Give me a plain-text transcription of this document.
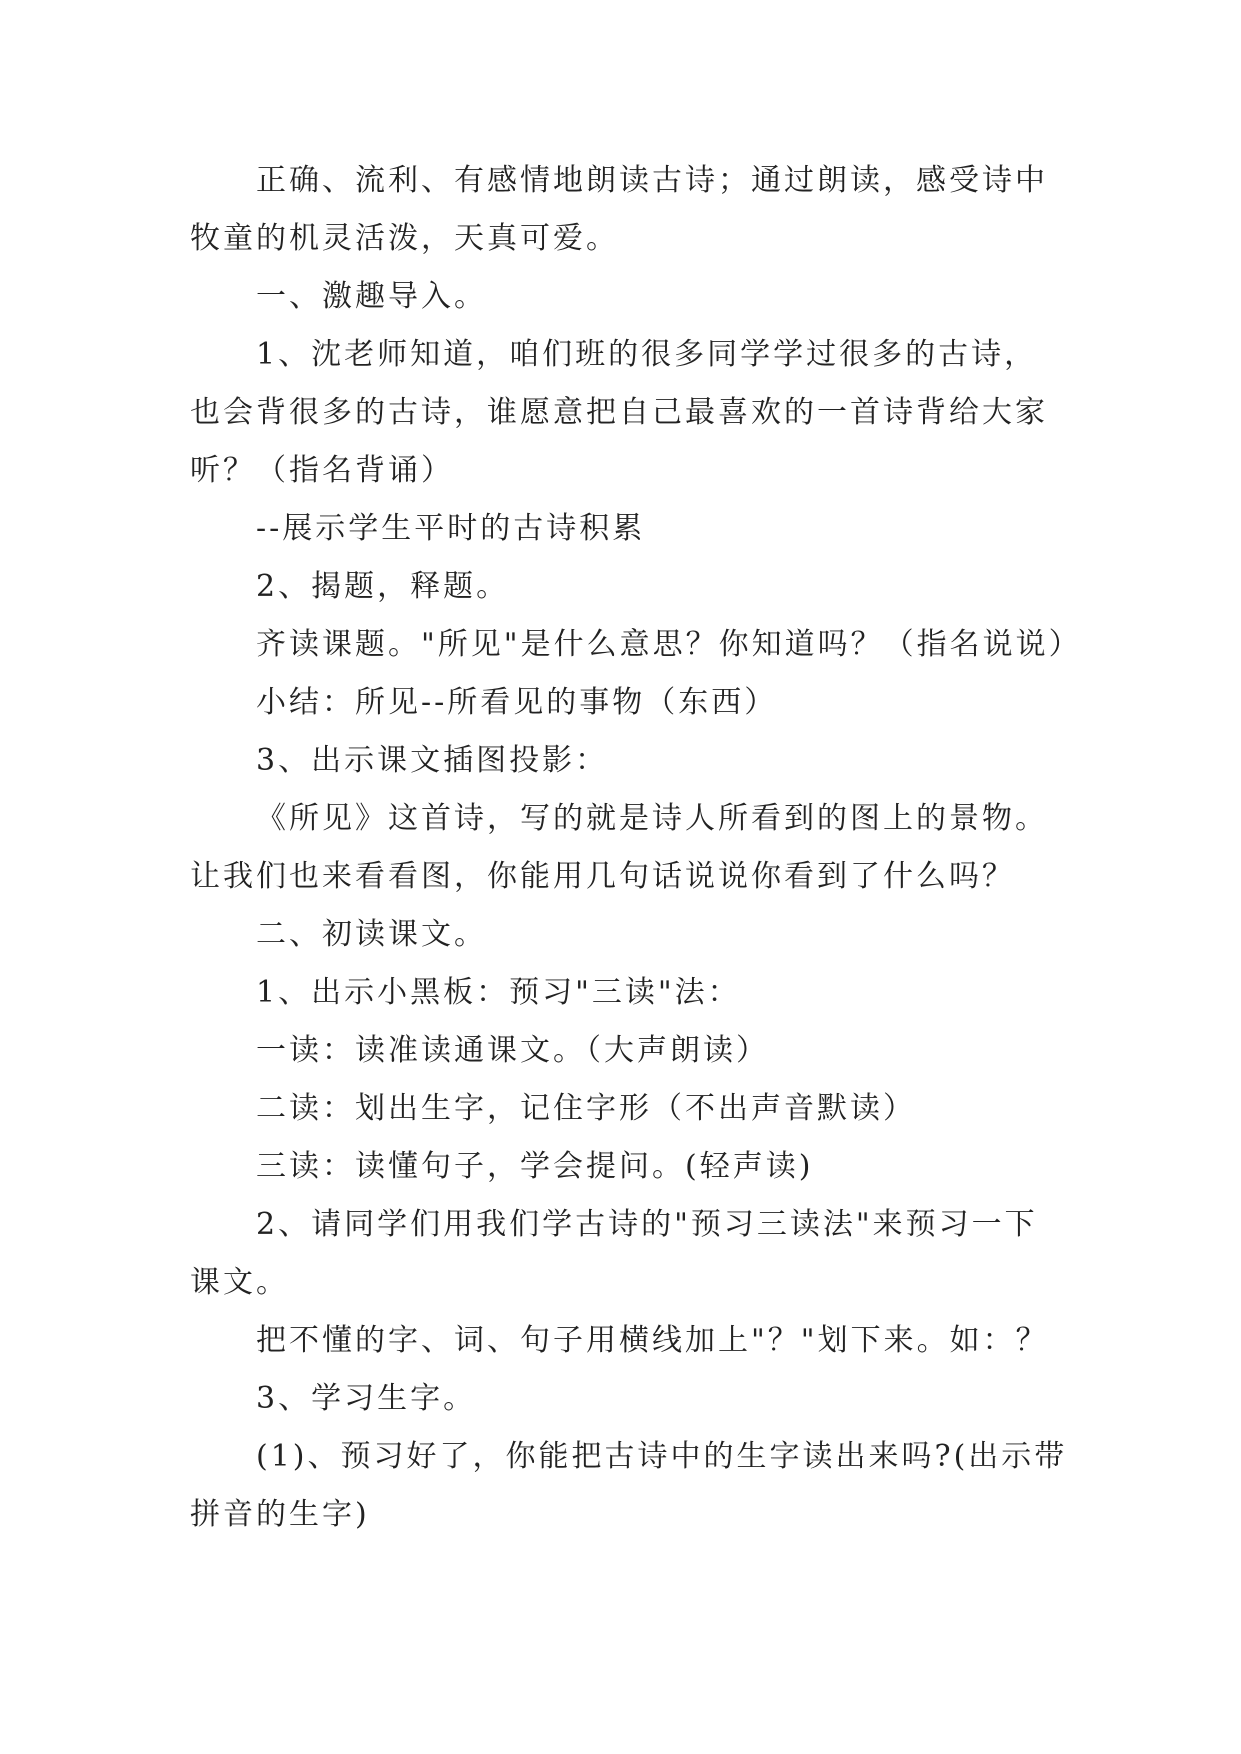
正确、流利、有感情地朗读古诗；通过朗读，感受诗中牧童的机灵活泼，天真可爱。

一、激趣导入。

1、沈老师知道，咱们班的很多同学学过很多的古诗，也会背很多的古诗，谁愿意把自己最喜欢的一首诗背给大家听？（指名背诵）

--展示学生平时的古诗积累

2、揭题，释题。

齐读课题。"所见"是什么意思？你知道吗？（指名说说）

小结：所见--所看见的事物（东西）

3、出示课文插图投影：

《所见》这首诗，写的就是诗人所看到的图上的景物。让我们也来看看图，你能用几句话说说你看到了什么吗？

二、初读课文。

1、出示小黑板：预习"三读"法：

一读：读准读通课文。（大声朗读）

二读：划出生字，记住字形（不出声音默读）

三读：读懂句子，学会提问。(轻声读)

2、请同学们用我们学古诗的"预习三读法"来预习一下课文。

把不懂的字、词、句子用横线加上"？"划下来。如：？

3、学习生字。

(1)、预习好了，你能把古诗中的生字读出来吗?(出示带拼音的生字)
